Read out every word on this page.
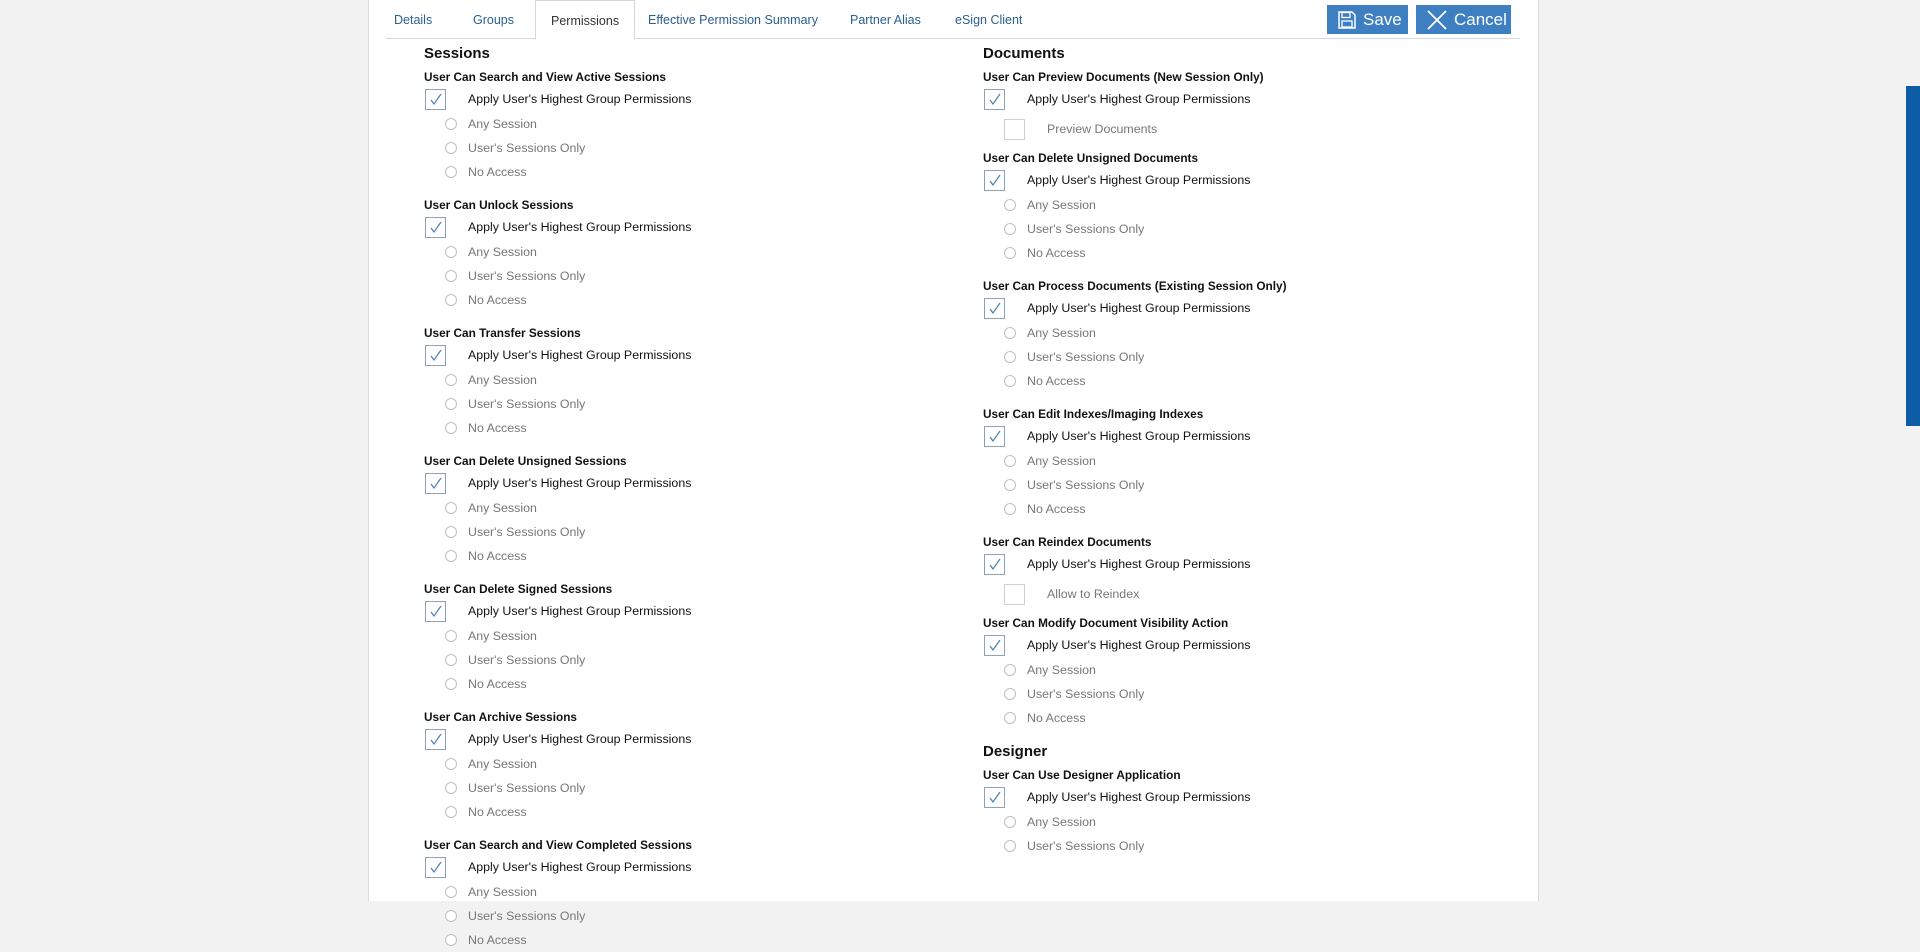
Details	Groups	Permissions	Effective Permission Summary	Partner Alias	eSign Client	Save	Cancel
Sessions
User Can Search and View Active Sessions
Apply User's Highest Group Permissions
Any Session
User's Sessions Only
No Access
User Can Unlock Sessions
Apply User's Highest Group Permissions
Any Session
User's Sessions Only
No Access
User Can Transfer Sessions
Apply User's Highest Group Permissions
Any Session
User's Sessions Only
No Access
User Can Delete Unsigned Sessions
Apply User's Highest Group Permissions
Any Session
User's Sessions Only
No Access
User Can Delete Signed Sessions
Apply User's Highest Group Permissions
Any Session
User's Sessions Only
No Access
User Can Archive Sessions
Apply User's Highest Group Permissions
Any Session
User's Sessions Only
No Access
User Can Search and View Completed Sessions
Apply User's Highest Group Permissions
Any Session
User's Sessions Only
No Access
Documents
User Can Preview Documents (New Session Only)
Apply User's Highest Group Permissions
Preview Documents
User Can Delete Unsigned Documents
Apply User's Highest Group Permissions
Any Session
User's Sessions Only
No Access
User Can Process Documents (Existing Session Only)
Apply User's Highest Group Permissions
Any Session
User's Sessions Only
No Access
User Can Edit Indexes/Imaging Indexes
Apply User's Highest Group Permissions
Any Session
User's Sessions Only
No Access
User Can Reindex Documents
Apply User's Highest Group Permissions
Allow to Reindex
User Can Modify Document Visibility Action
Apply User's Highest Group Permissions
Any Session
User's Sessions Only
No Access
Designer
User Can Use Designer Application
Apply User's Highest Group Permissions
Any Session
User's Sessions Only
